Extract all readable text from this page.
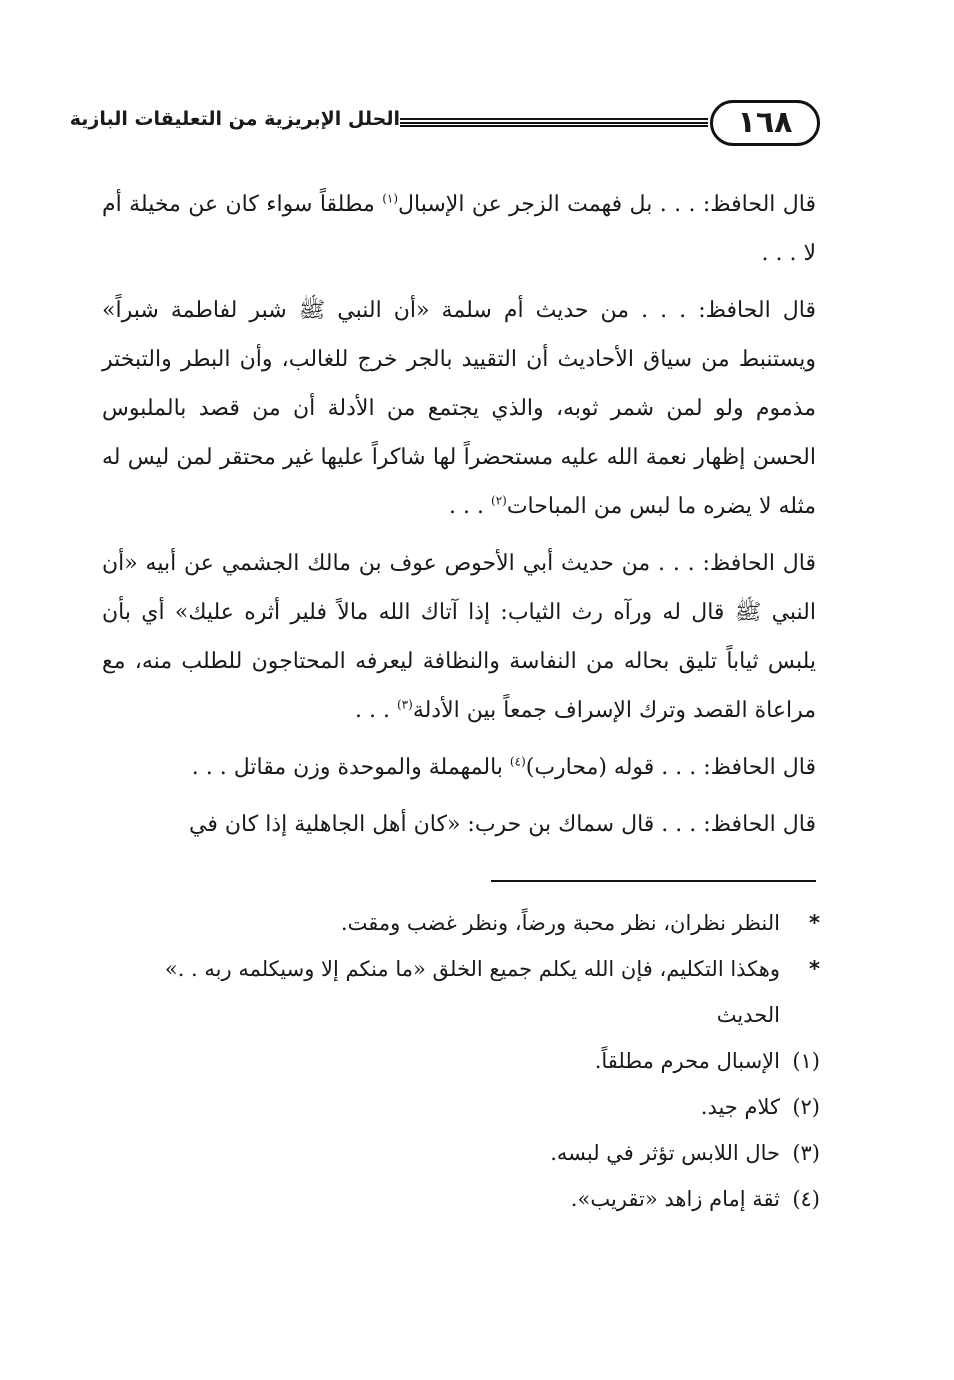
١٦٨
الحلل الإبريزية من التعليقات البازية

قال الحافظ: . . . بل فهمت الزجر عن الإسبال$^{(١)}$ مطلقاً سواء كان عن مخيلة أم لا . . .

قال الحافظ: . . . من حديث أم سلمة «أن النبي ﷺ شبر لفاطمة شبراً» ويستنبط من سياق الأحاديث أن التقييد بالجر خرج للغالب، وأن البطر والتبختر مذموم ولو لمن شمر ثوبه، والذي يجتمع من الأدلة أن من قصد بالملبوس الحسن إظهار نعمة الله عليه مستحضراً لها شاكراً عليها غير محتقر لمن ليس له مثله لا يضره ما لبس من المباحات$^{(٢)}$ . . .

قال الحافظ: . . . من حديث أبي الأحوص عوف بن مالك الجشمي عن أبيه «أن النبي ﷺ قال له ورآه رث الثياب: إذا آتاك الله مالاً فلير أثره عليك» أي بأن يلبس ثياباً تليق بحاله من النفاسة والنظافة ليعرفه المحتاجون للطلب منه، مع مراعاة القصد وترك الإسراف جمعاً بين الأدلة$^{(٣)}$ . . .

قال الحافظ: . . . قوله (محارب)$^{(٤)}$ بالمهملة والموحدة وزن مقاتل . . .

قال الحافظ: . . . قال سماك بن حرب: «كان أهل الجاهلية إذا كان في

*
النظر نظران، نظر محبة ورضاً، ونظر غضب ومقت.
*
وهكذا التكليم، فإن الله يكلم جميع الخلق «ما منكم إلا وسيكلمه ربه . .» الحديث
(١)
الإسبال محرم مطلقاً.
(٢)
كلام جيد.
(٣)
حال اللابس تؤثر في لبسه.
(٤)
ثقة إمام زاهد «تقريب».
